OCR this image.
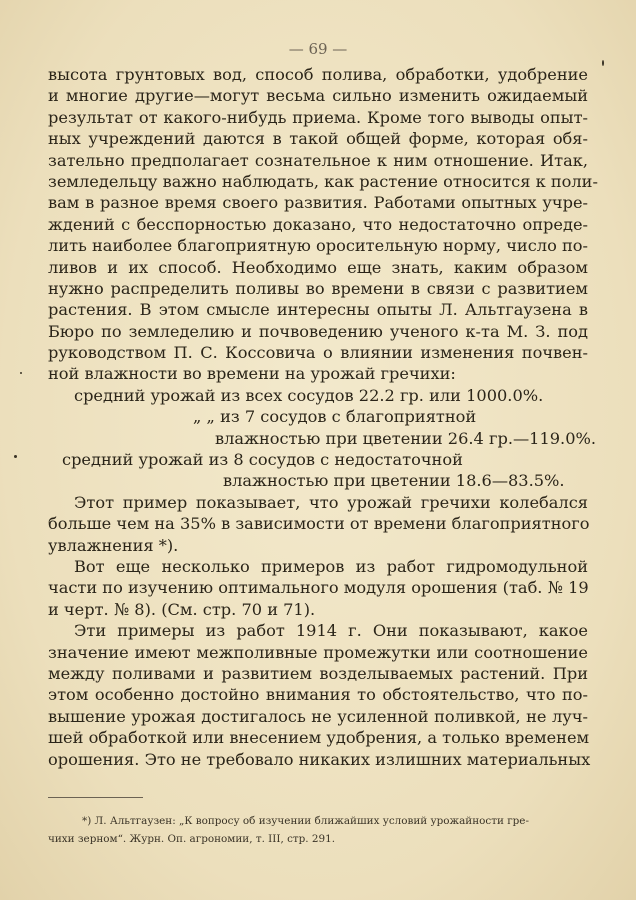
— 69 —
высота грунтовых вод, способ полива, обработки, удобрение
и многие другие—могут весьма сильно изменить ожидаемый
результат от какого-нибудь приема. Кроме того выводы опыт-
ных учреждений даются в такой общей форме, которая обя-
зательно предполагает сознательное к ним отношение. Итак,
земледельцу важно наблюдать, как растение относится к поли-
вам в разное время своего развития. Работами опытных учре-
ждений с бесспорностью доказано, что недостаточно опреде-
лить наиболее благоприятную оросительную норму, число по-
ливов и их способ. Необходимо еще знать, каким образом
нужно распределить поливы во времени в связи с развитием
растения. В этом смысле интересны опыты Л. Альтгаузена в
Бюро по земледелию и почвоведению ученого к-та М. З. под
руководством П. С. Коссовича о влиянии изменения почвен-
ной влажности во времени на урожай гречихи:
средний урожай из всех сосудов 22.2 гр. или 1000.0%.
„ „ из 7 сосудов с благоприятной
влажностью при цветении 26.4 гр.—119.0%.
средний урожай из 8 сосудов с недостаточной
влажностью при цветении 18.6—83.5%.
Этот пример показывает, что урожай гречихи колебался
больше чем на 35% в зависимости от времени благоприятного
увлажнения *).
Вот еще несколько примеров из работ гидромодульной
части по изучению оптимального модуля орошения (таб. № 19
и черт. № 8). (См. стр. 70 и 71).
Эти примеры из работ 1914 г. Они показывают, какое
значение имеют межполивные промежутки или соотношение
между поливами и развитием возделываемых растений. При
этом особенно достойно внимания то обстоятельство, что по-
вышение урожая достигалось не усиленной поливкой, не луч-
шей обработкой или внесением удобрения, а только временем
орошения. Это не требовало никаких излишних материальных
*) Л. Альтгаузен: „К вопросу об изучении ближайших условий урожайности гре-
чихи зерном“. Журн. Оп. агрономии, т. III, стр. 291.
